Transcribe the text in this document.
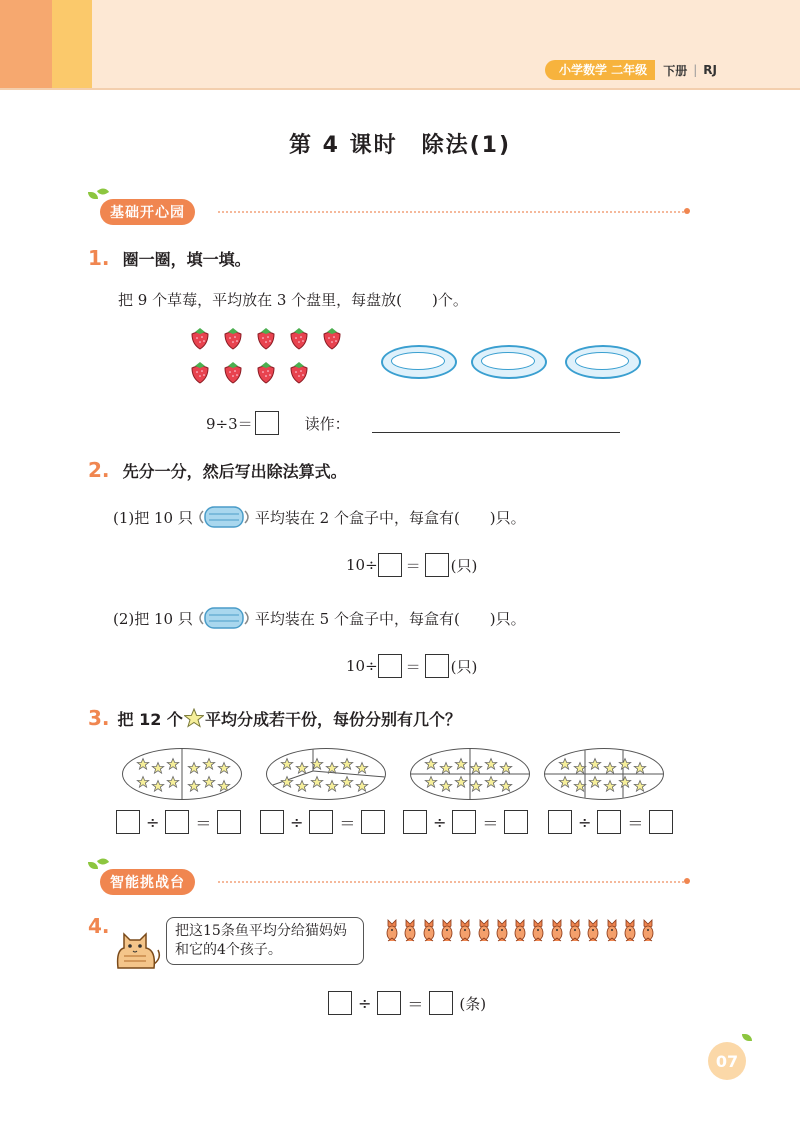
小学数学 二年级	下册 | RJ
第 4 课时　除法(1)
基础开心园
1. 圈一圈，填一填。
把 9 个草莓，平均放在 3 个盘里，每盘放(　　)个。
9÷3＝	读作：
2. 先分一分，然后写出除法算式。
(1)把 10 只	平均装在 2 个盒子中，每盒有(　　)只。
10÷ ＝ (只)
(2)把 10 只	平均装在 5 个盒子中，每盒有(　　)只。
10÷ ＝ (只)
3. 把 12 个 平均分成若干份，每份分别有几个？
÷ ＝	÷ ＝	÷ ＝	÷ ＝
智能挑战台
4.	把这15条鱼平均分给猫妈妈和它的4个孩子。
÷ ＝ (条)
07
